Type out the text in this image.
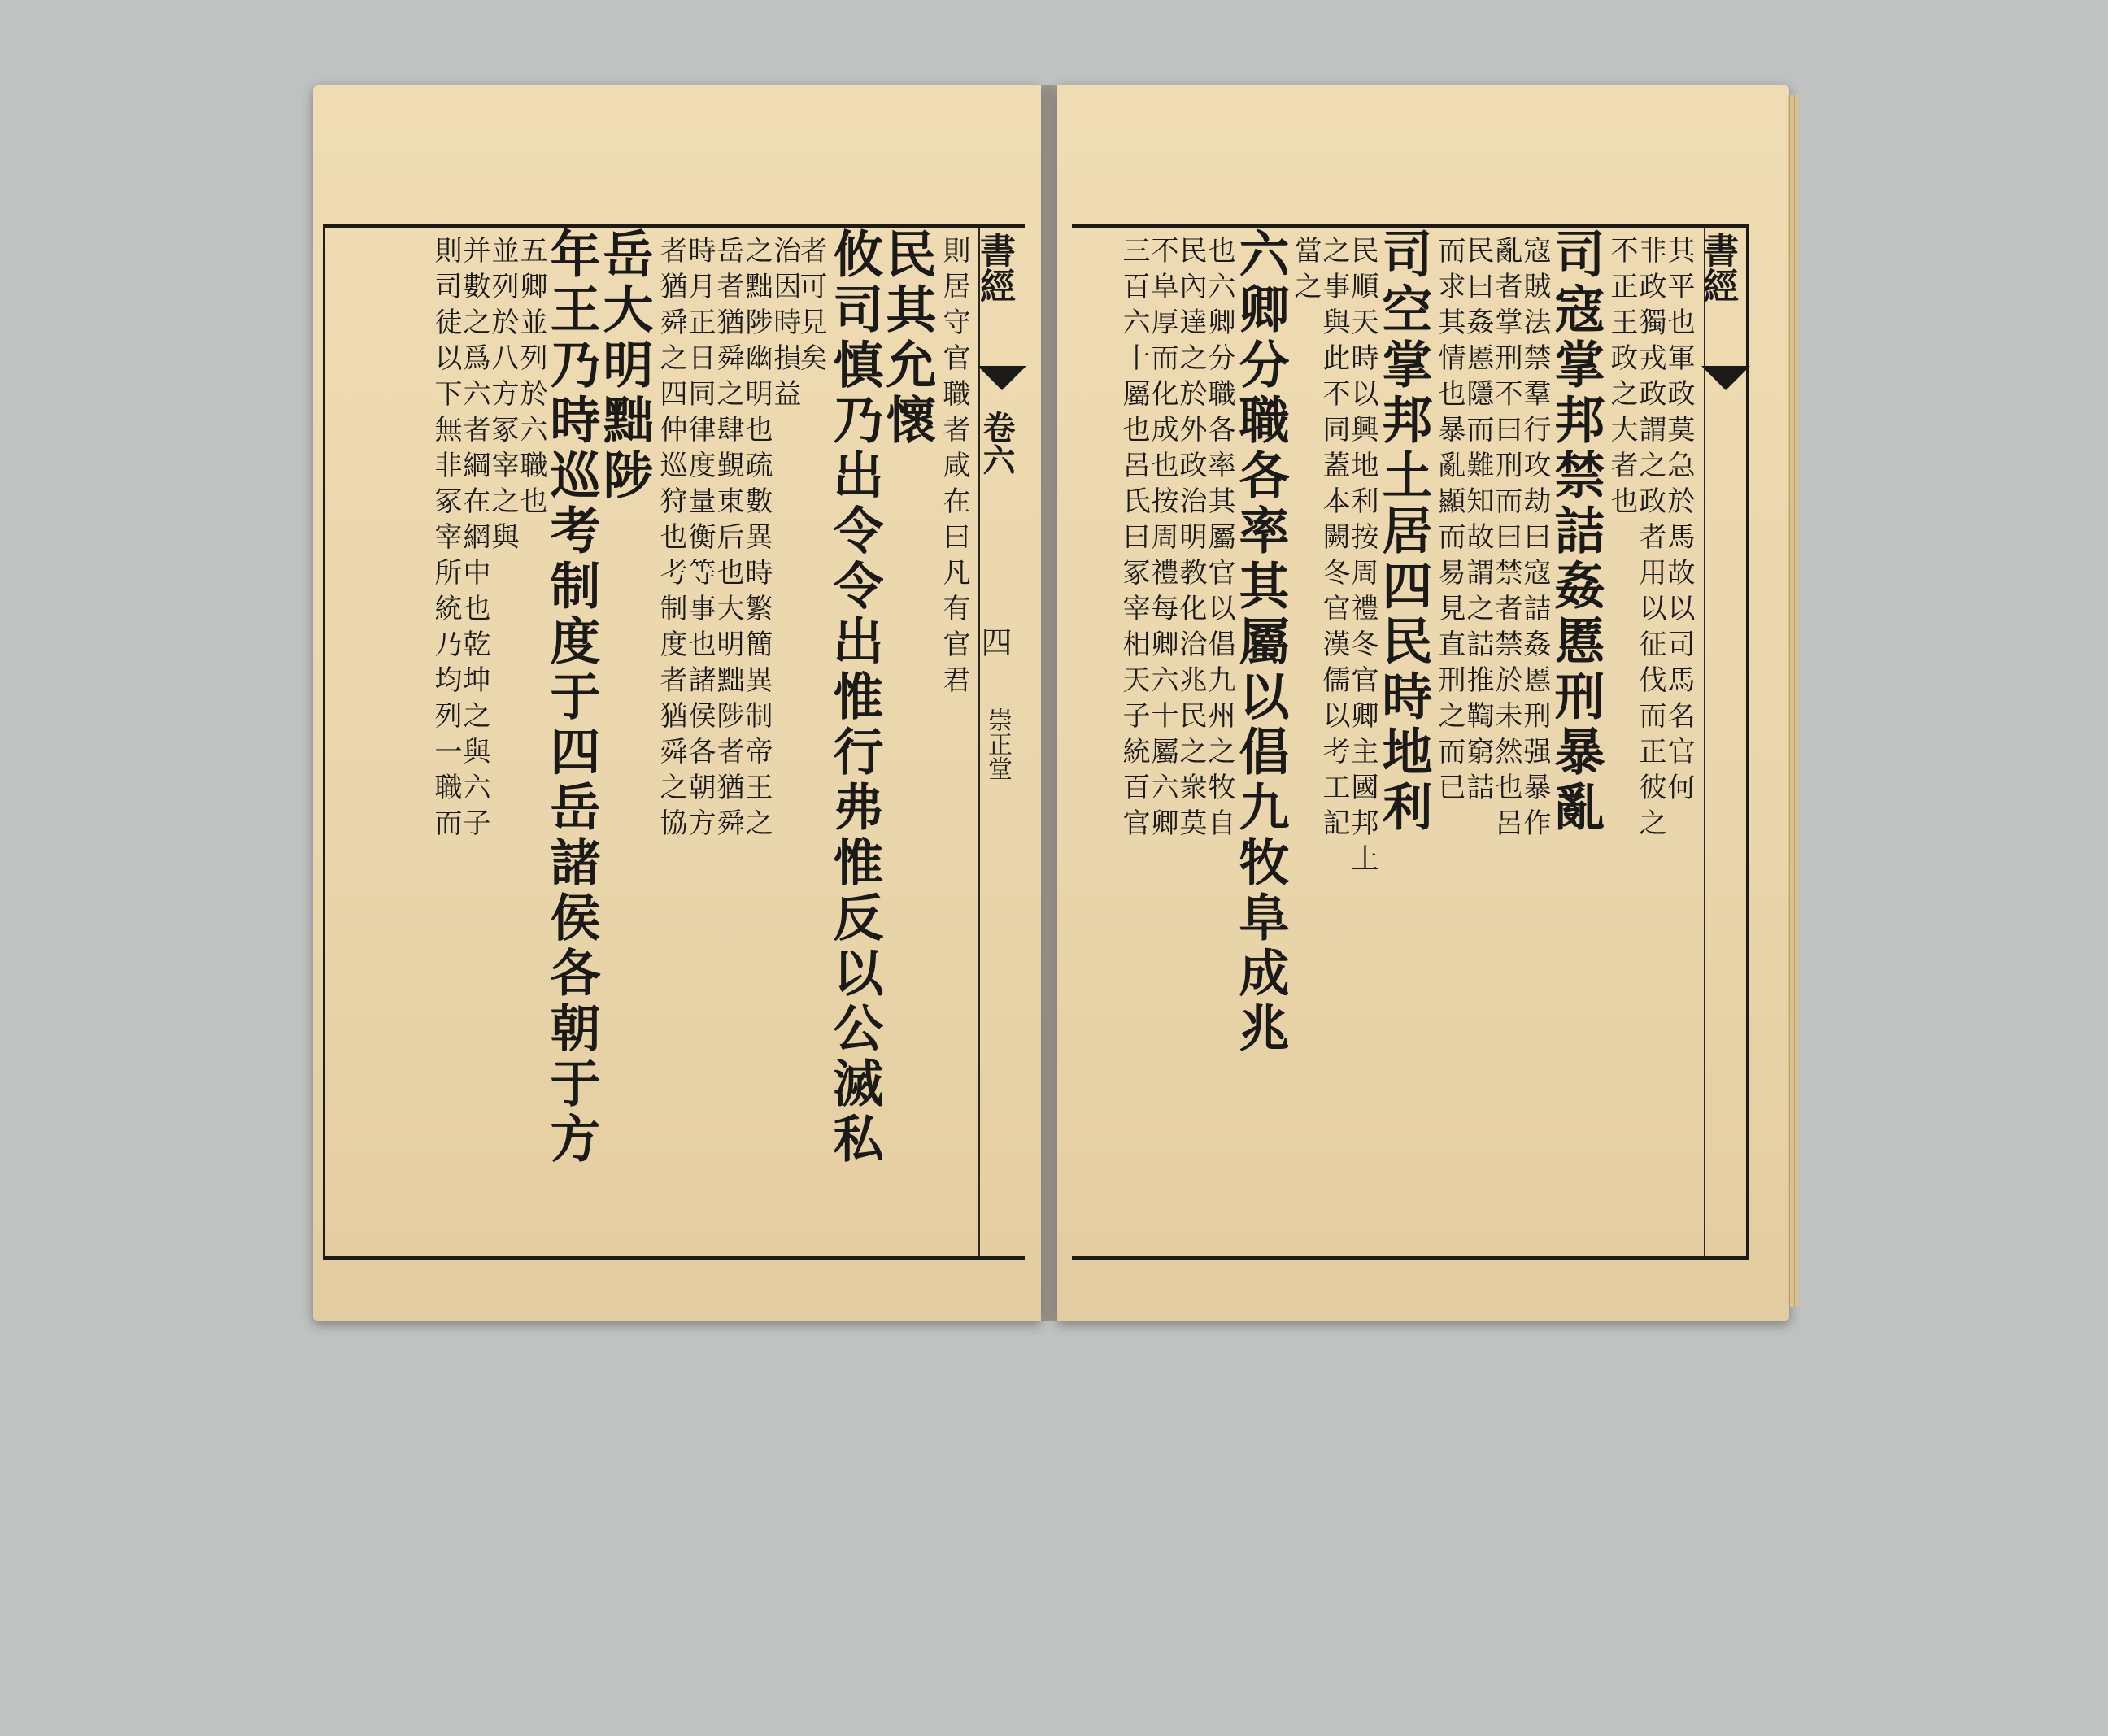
書經
卷六
四
崇正堂
則居守官職者咸在曰凡有官君
民其允懷
攸司慎乃出令令出惟行弗惟反以公滅私
者可見矣
治因時損益
之黜陟幽明也疏數異時繁簡異制帝王之
岳者猶舜之肆覲東后也大明黜陟者猶舜
時月正日同律度量衡等事也諸侯各朝方
者猶舜之四仲巡狩也考制度者猶舜之協
岳大明黜陟
年王乃時巡考制度于四岳諸侯各朝于方
五卿並列於六職也
並列於八方冢宰之與
并數之爲六者綱在網中也乾坤之與六子
則司徒以下無非冢宰所統乃均列一職而	書經
其平也軍政莫急於馬故以司馬名官何
非政獨戎政謂之政者用以征伐而正彼之
不正王政之大者也
司寇掌邦禁詰姦慝刑暴亂
寇賊法禁羣行攻劫曰寇詰姦慝刑强暴作
亂者掌刑不曰刑而曰禁者禁於未然也呂
民曰姦慝隱而難知故謂之詰推鞫窮詰
而求其情也暴亂顯而易見直刑之而已
司空掌邦土居四民時地利
民順天時以興地利按周禮冬官卿主國邦土
之事與此不同蓋本闕冬官漢儒以考工記
當之
六卿分職各率其屬以倡九牧阜成兆
也六卿分職各率其屬官以倡九州之牧自
民內達之於外政治明教化洽兆民之衆莫
不阜厚而化成也按周禮每卿六十屬六卿
三百六十屬也呂氏曰冢宰相天子統百官
